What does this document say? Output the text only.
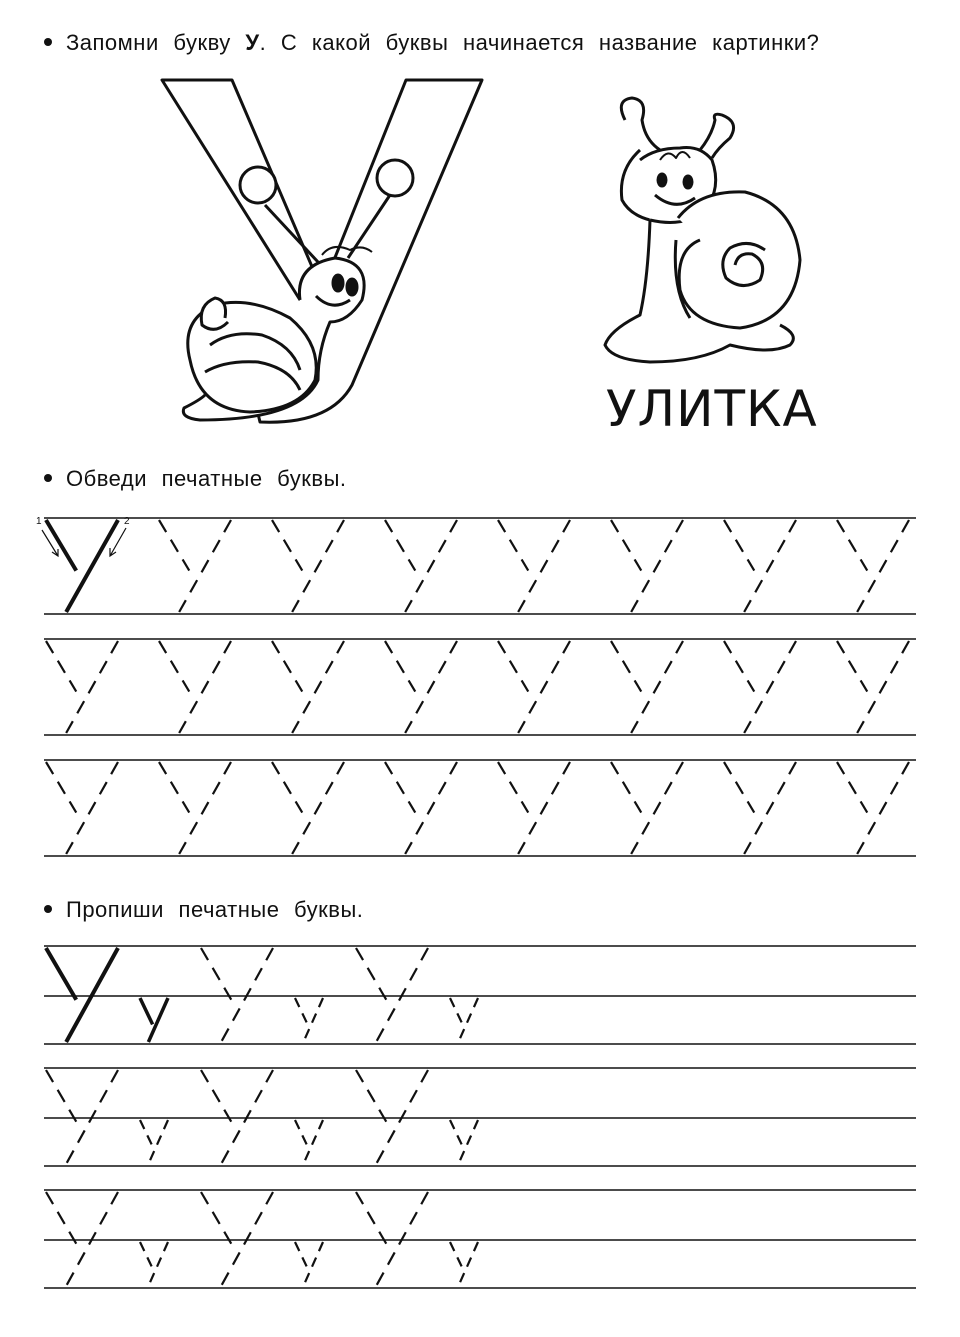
Запомни букву У. С какой буквы начинается название картинки?
Обведи печатные буквы.
Пропиши печатные буквы.
УЛИТКА
1	2
